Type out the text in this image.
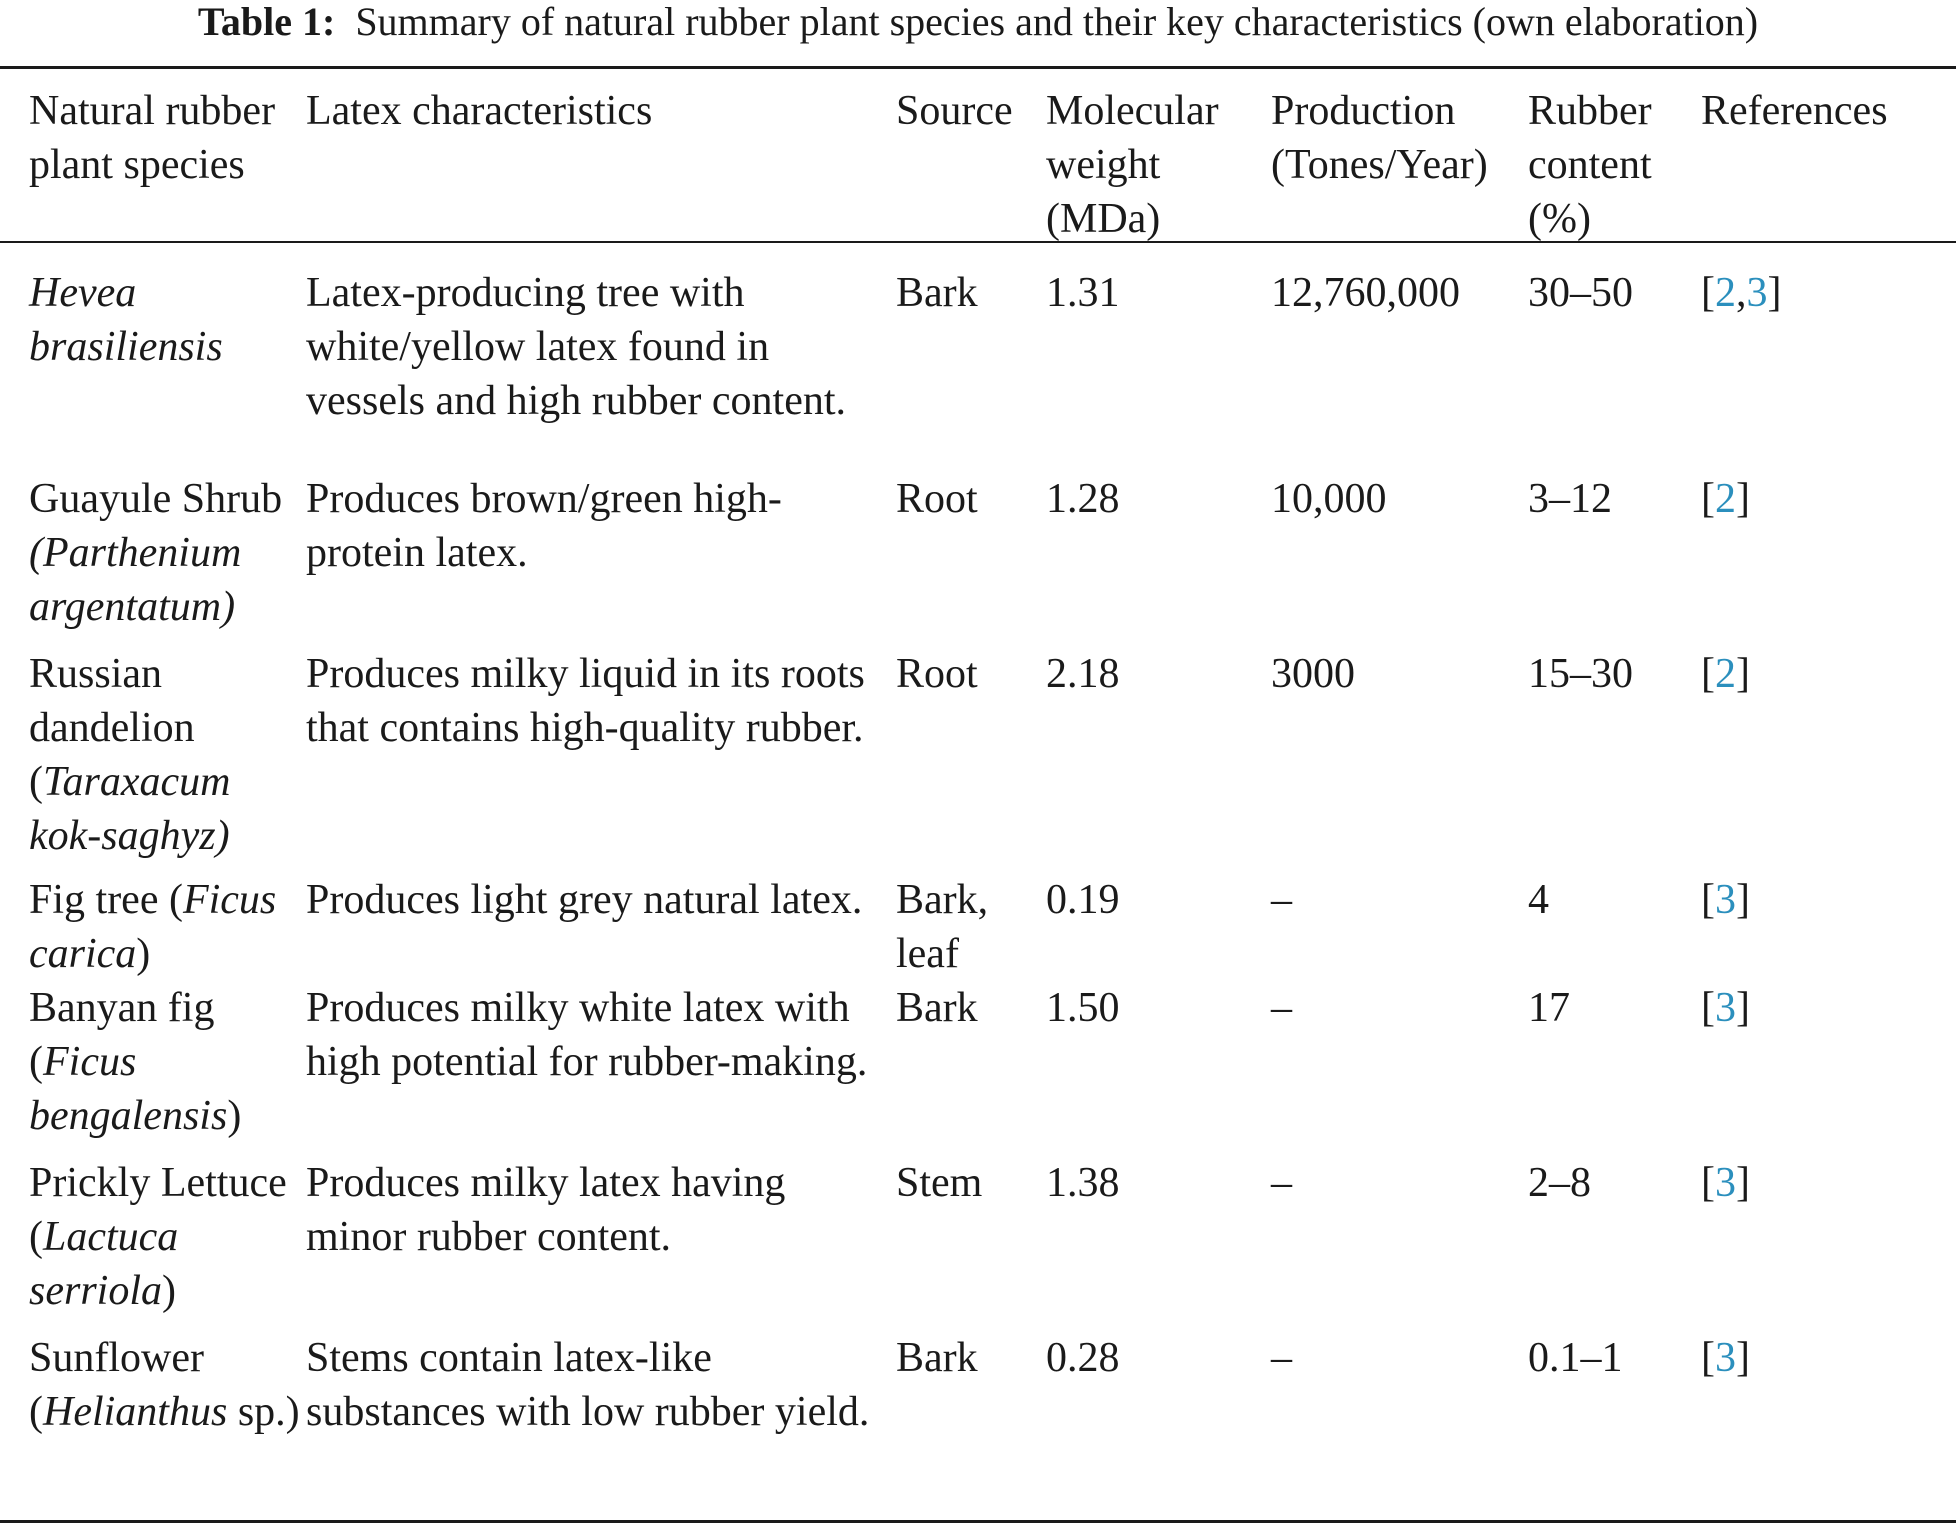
Table 1: Summary of natural rubber plant species and their key characteristics (own elaboration)
Natural rubber plant species	Latex characteristics	Source	Molecular weight (MDa)	Production (Tones/Year)	Rubber content (%)	References
Hevea brasiliensis	Latex-producing tree with white/yellow latex found in vessels and high rubber content.	Bark	1.31	12,760,000	30–50	[2,3]
Guayule Shrub (Parthenium argentatum)	Produces brown/green high-protein latex.	Root	1.28	10,000	3–12	[2]
Russian dandelion (Taraxacum kok-saghyz)	Produces milky liquid in its roots that contains high-quality rubber.	Root	2.18	3000	15–30	[2]
Fig tree (Ficus carica)	Produces light grey natural latex.	Bark, leaf	0.19	–	4	[3]
Banyan fig (Ficus bengalensis)	Produces milky white latex with high potential for rubber-making.	Bark	1.50	–	17	[3]
Prickly Lettuce (Lactuca serriola)	Produces milky latex having minor rubber content.	Stem	1.38	–	2–8	[3]
Sunflower (Helianthus sp.)	Stems contain latex-like substances with low rubber yield.	Bark	0.28	–	0.1–1	[3]
